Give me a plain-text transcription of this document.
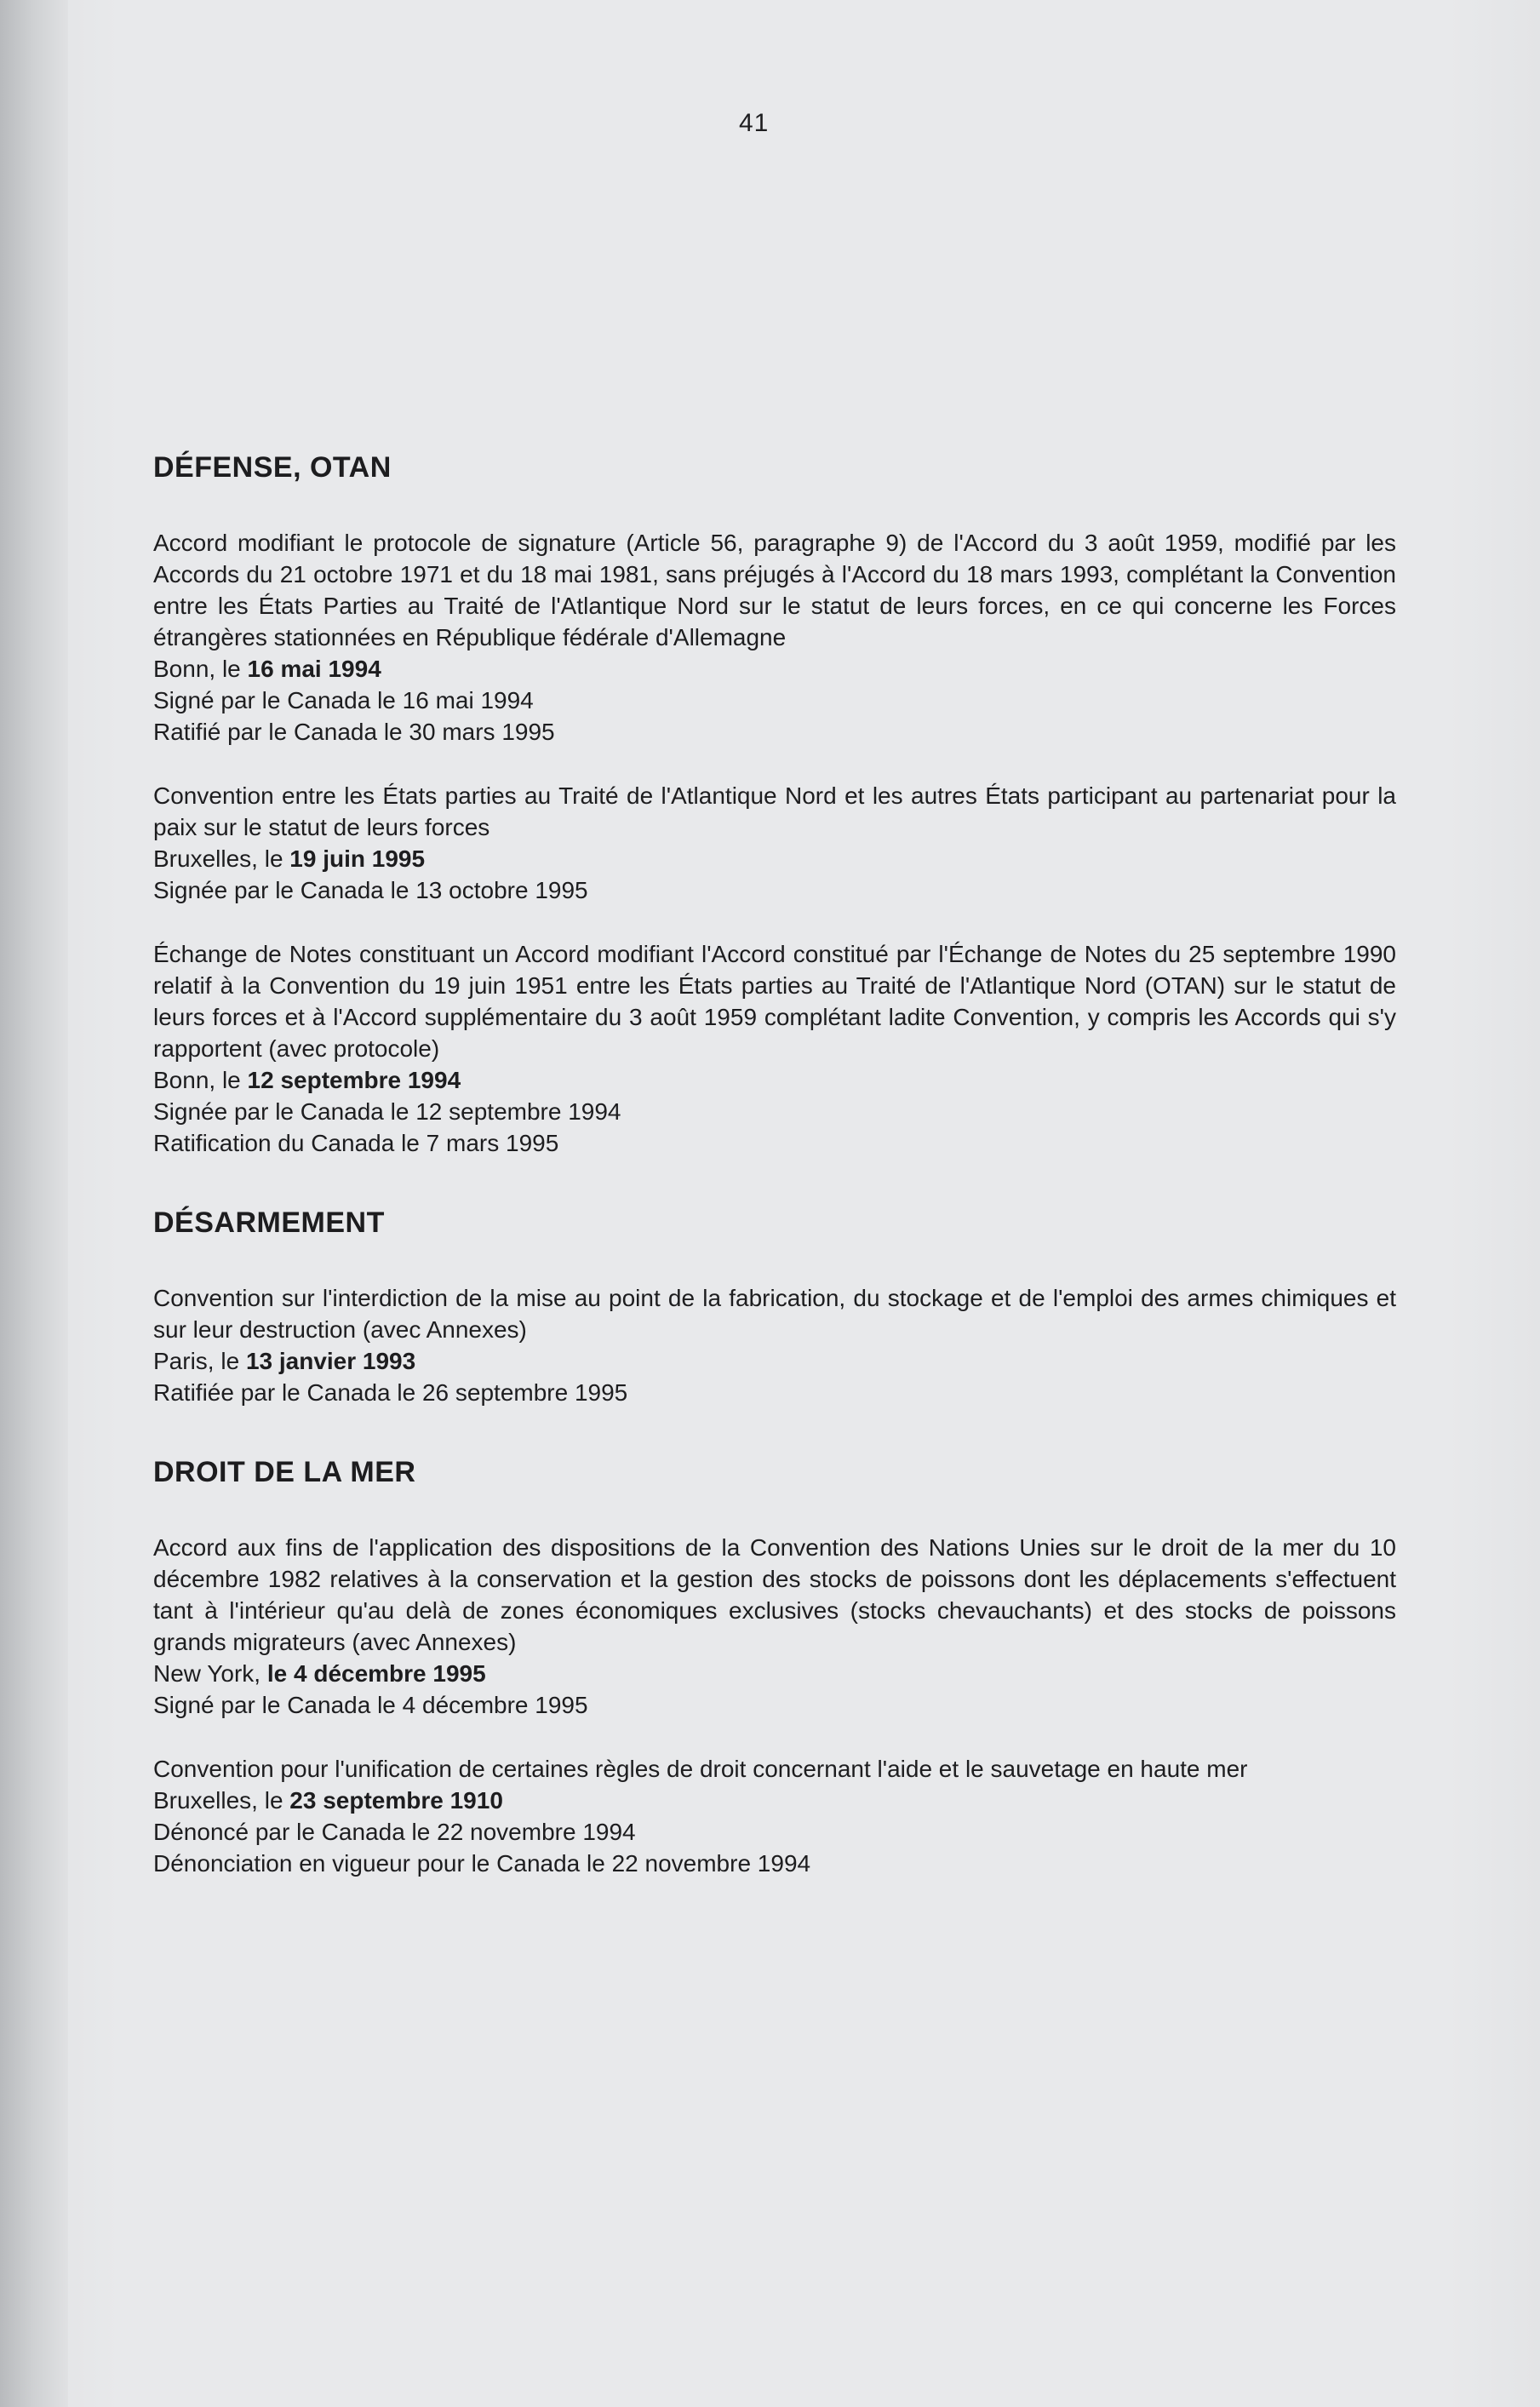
41
DÉFENSE, OTAN

Accord modifiant le protocole de signature (Article 56, paragraphe 9) de l'Accord du 3 août 1959, modifié par les Accords du 21 octobre 1971 et du 18 mai 1981, sans préjugés à l'Accord du 18 mars 1993, complétant la Convention entre les États Parties au Traité de l'Atlantique Nord sur le statut de leurs forces, en ce qui concerne les Forces étrangères stationnées en République fédérale d'Allemagne

Bonn, le 16 mai 1994

Signé par le Canada le 16 mai 1994

Ratifié par le Canada le 30 mars 1995

Convention entre les États parties au Traité de l'Atlantique Nord et les autres États participant au partenariat pour la paix sur le statut de leurs forces

Bruxelles, le 19 juin 1995

Signée par le Canada le 13 octobre 1995

Échange de Notes constituant un Accord modifiant l'Accord constitué par l'Échange de Notes du 25 septembre 1990 relatif à la Convention du 19 juin 1951 entre les États parties au Traité de l'Atlantique Nord (OTAN) sur le statut de leurs forces et à l'Accord supplémentaire du 3 août 1959 complétant ladite Convention, y compris les Accords qui s'y rapportent (avec protocole)

Bonn, le 12 septembre 1994

Signée par le Canada le 12 septembre 1994

Ratification du Canada le 7 mars 1995

DÉSARMEMENT

Convention sur l'interdiction de la mise au point de la fabrication, du stockage et de l'emploi des armes chimiques et sur leur destruction (avec Annexes)

Paris, le 13 janvier 1993

Ratifiée par le Canada le 26 septembre 1995

DROIT DE LA MER

Accord aux fins de l'application des dispositions de la Convention des Nations Unies sur le droit de la mer du 10 décembre 1982 relatives à la conservation et la gestion des stocks de poissons dont les déplacements s'effectuent tant à l'intérieur qu'au delà de zones économiques exclusives (stocks chevauchants) et des stocks de poissons grands migrateurs (avec Annexes)

New York, le 4 décembre 1995

Signé par le Canada le 4 décembre 1995

Convention pour l'unification de certaines règles de droit concernant l'aide et le sauvetage en haute mer

Bruxelles, le 23 septembre 1910

Dénoncé par le Canada le 22 novembre 1994

Dénonciation en vigueur pour le Canada le 22 novembre 1994
